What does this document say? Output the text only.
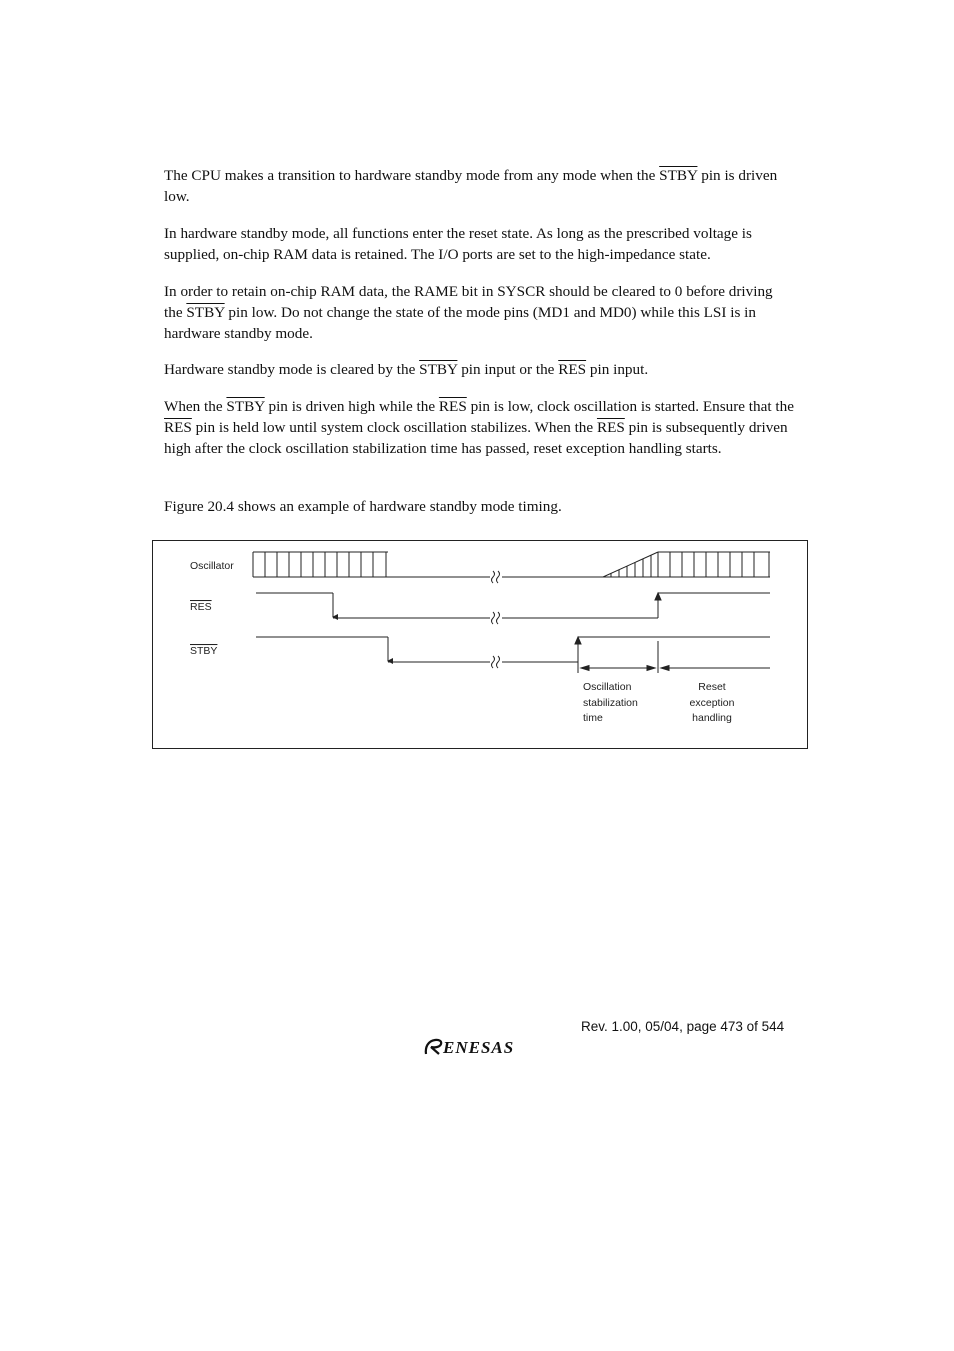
The CPU makes a transition to hardware standby mode from any mode when the STBY pin is driven low.

In hardware standby mode, all functions enter the reset state. As long as the prescribed voltage is supplied, on-chip RAM data is retained. The I/O ports are set to the high-impedance state.

In order to retain on-chip RAM data, the RAME bit in SYSCR should be cleared to 0 before driving the STBY pin low. Do not change the state of the mode pins (MD1 and MD0) while this LSI is in hardware standby mode.

Hardware standby mode is cleared by the STBY pin input or the $\overline{RES}$ pin input.

When the STBY pin is driven high while the $\overline{RES}$ pin is low, clock oscillation is started. Ensure that the $\overline{RES}$ pin is held low until system clock oscillation stabilizes. When the $\overline{RES}$ pin is subsequently driven high after the clock oscillation stabilization time has passed, reset exception handling starts.

Figure 20.4 shows an example of hardware standby mode timing.

Oscillator
RES
STBY
Oscillation
stabilization
time
Reset
exception
handling
Rev. 1.00, 05/04, page 473 of 544
ENESAS
